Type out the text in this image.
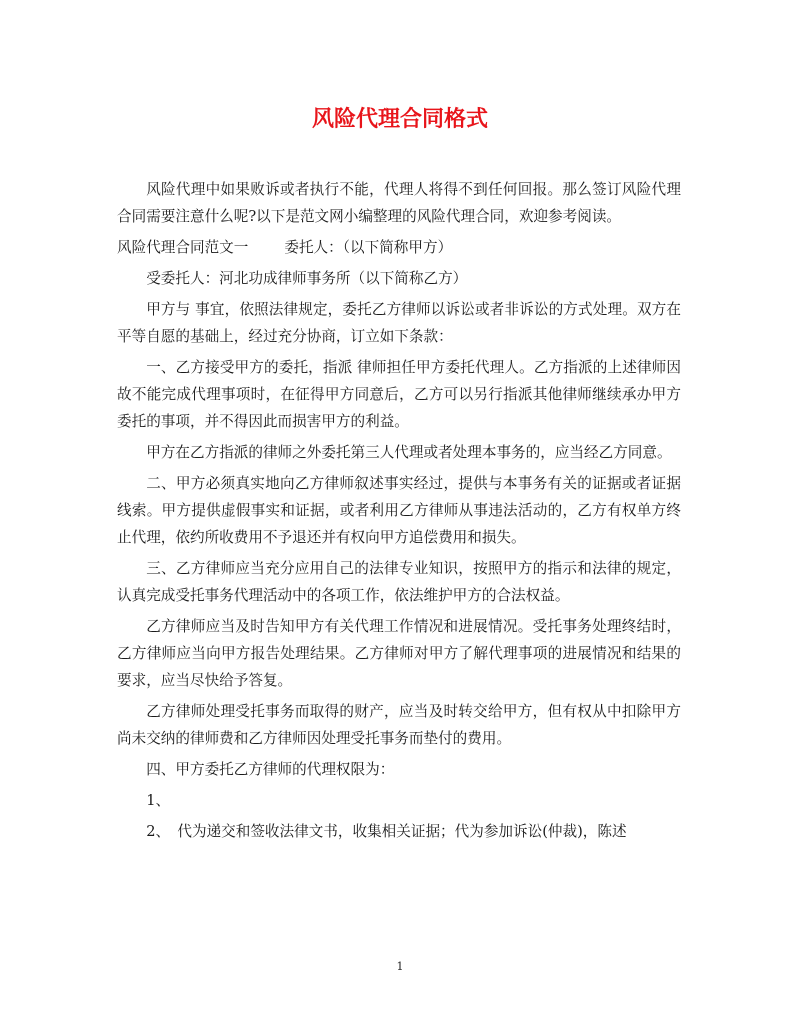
风险代理合同格式

风险代理中如果败诉或者执行不能，代理人将得不到任何回报。那么签订风险代理合同需要注意什么呢?以下是范文网小编整理的风险代理合同，欢迎参考阅读。

风险代理合同范文一 委托人：（以下简称甲方）

受委托人：河北功成律师事务所（以下简称乙方）

甲方与 事宜，依照法律规定，委托乙方律师以诉讼或者非诉讼的方式处理。双方在平等自愿的基础上，经过充分协商，订立如下条款：

一、乙方接受甲方的委托，指派 律师担任甲方委托代理人。乙方指派的上述律师因故不能完成代理事项时，在征得甲方同意后，乙方可以另行指派其他律师继续承办甲方委托的事项，并不得因此而损害甲方的利益。

甲方在乙方指派的律师之外委托第三人代理或者处理本事务的，应当经乙方同意。

二、甲方必须真实地向乙方律师叙述事实经过，提供与本事务有关的证据或者证据线索。甲方提供虚假事实和证据，或者利用乙方律师从事违法活动的，乙方有权单方终止代理，依约所收费用不予退还并有权向甲方追偿费用和损失。

三、乙方律师应当充分应用自己的法律专业知识，按照甲方的指示和法律的规定，认真完成受托事务代理活动中的各项工作，依法维护甲方的合法权益。

乙方律师应当及时告知甲方有关代理工作情况和进展情况。受托事务处理终结时，乙方律师应当向甲方报告处理结果。乙方律师对甲方了解代理事项的进展情况和结果的要求，应当尽快给予答复。

乙方律师处理受托事务而取得的财产，应当及时转交给甲方，但有权从中扣除甲方尚未交纳的律师费和乙方律师因处理受托事务而垫付的费用。

四、甲方委托乙方律师的代理权限为：

1、

2、　代为递交和签收法律文书，收集相关证据；代为参加诉讼(仲裁)，陈述

1
